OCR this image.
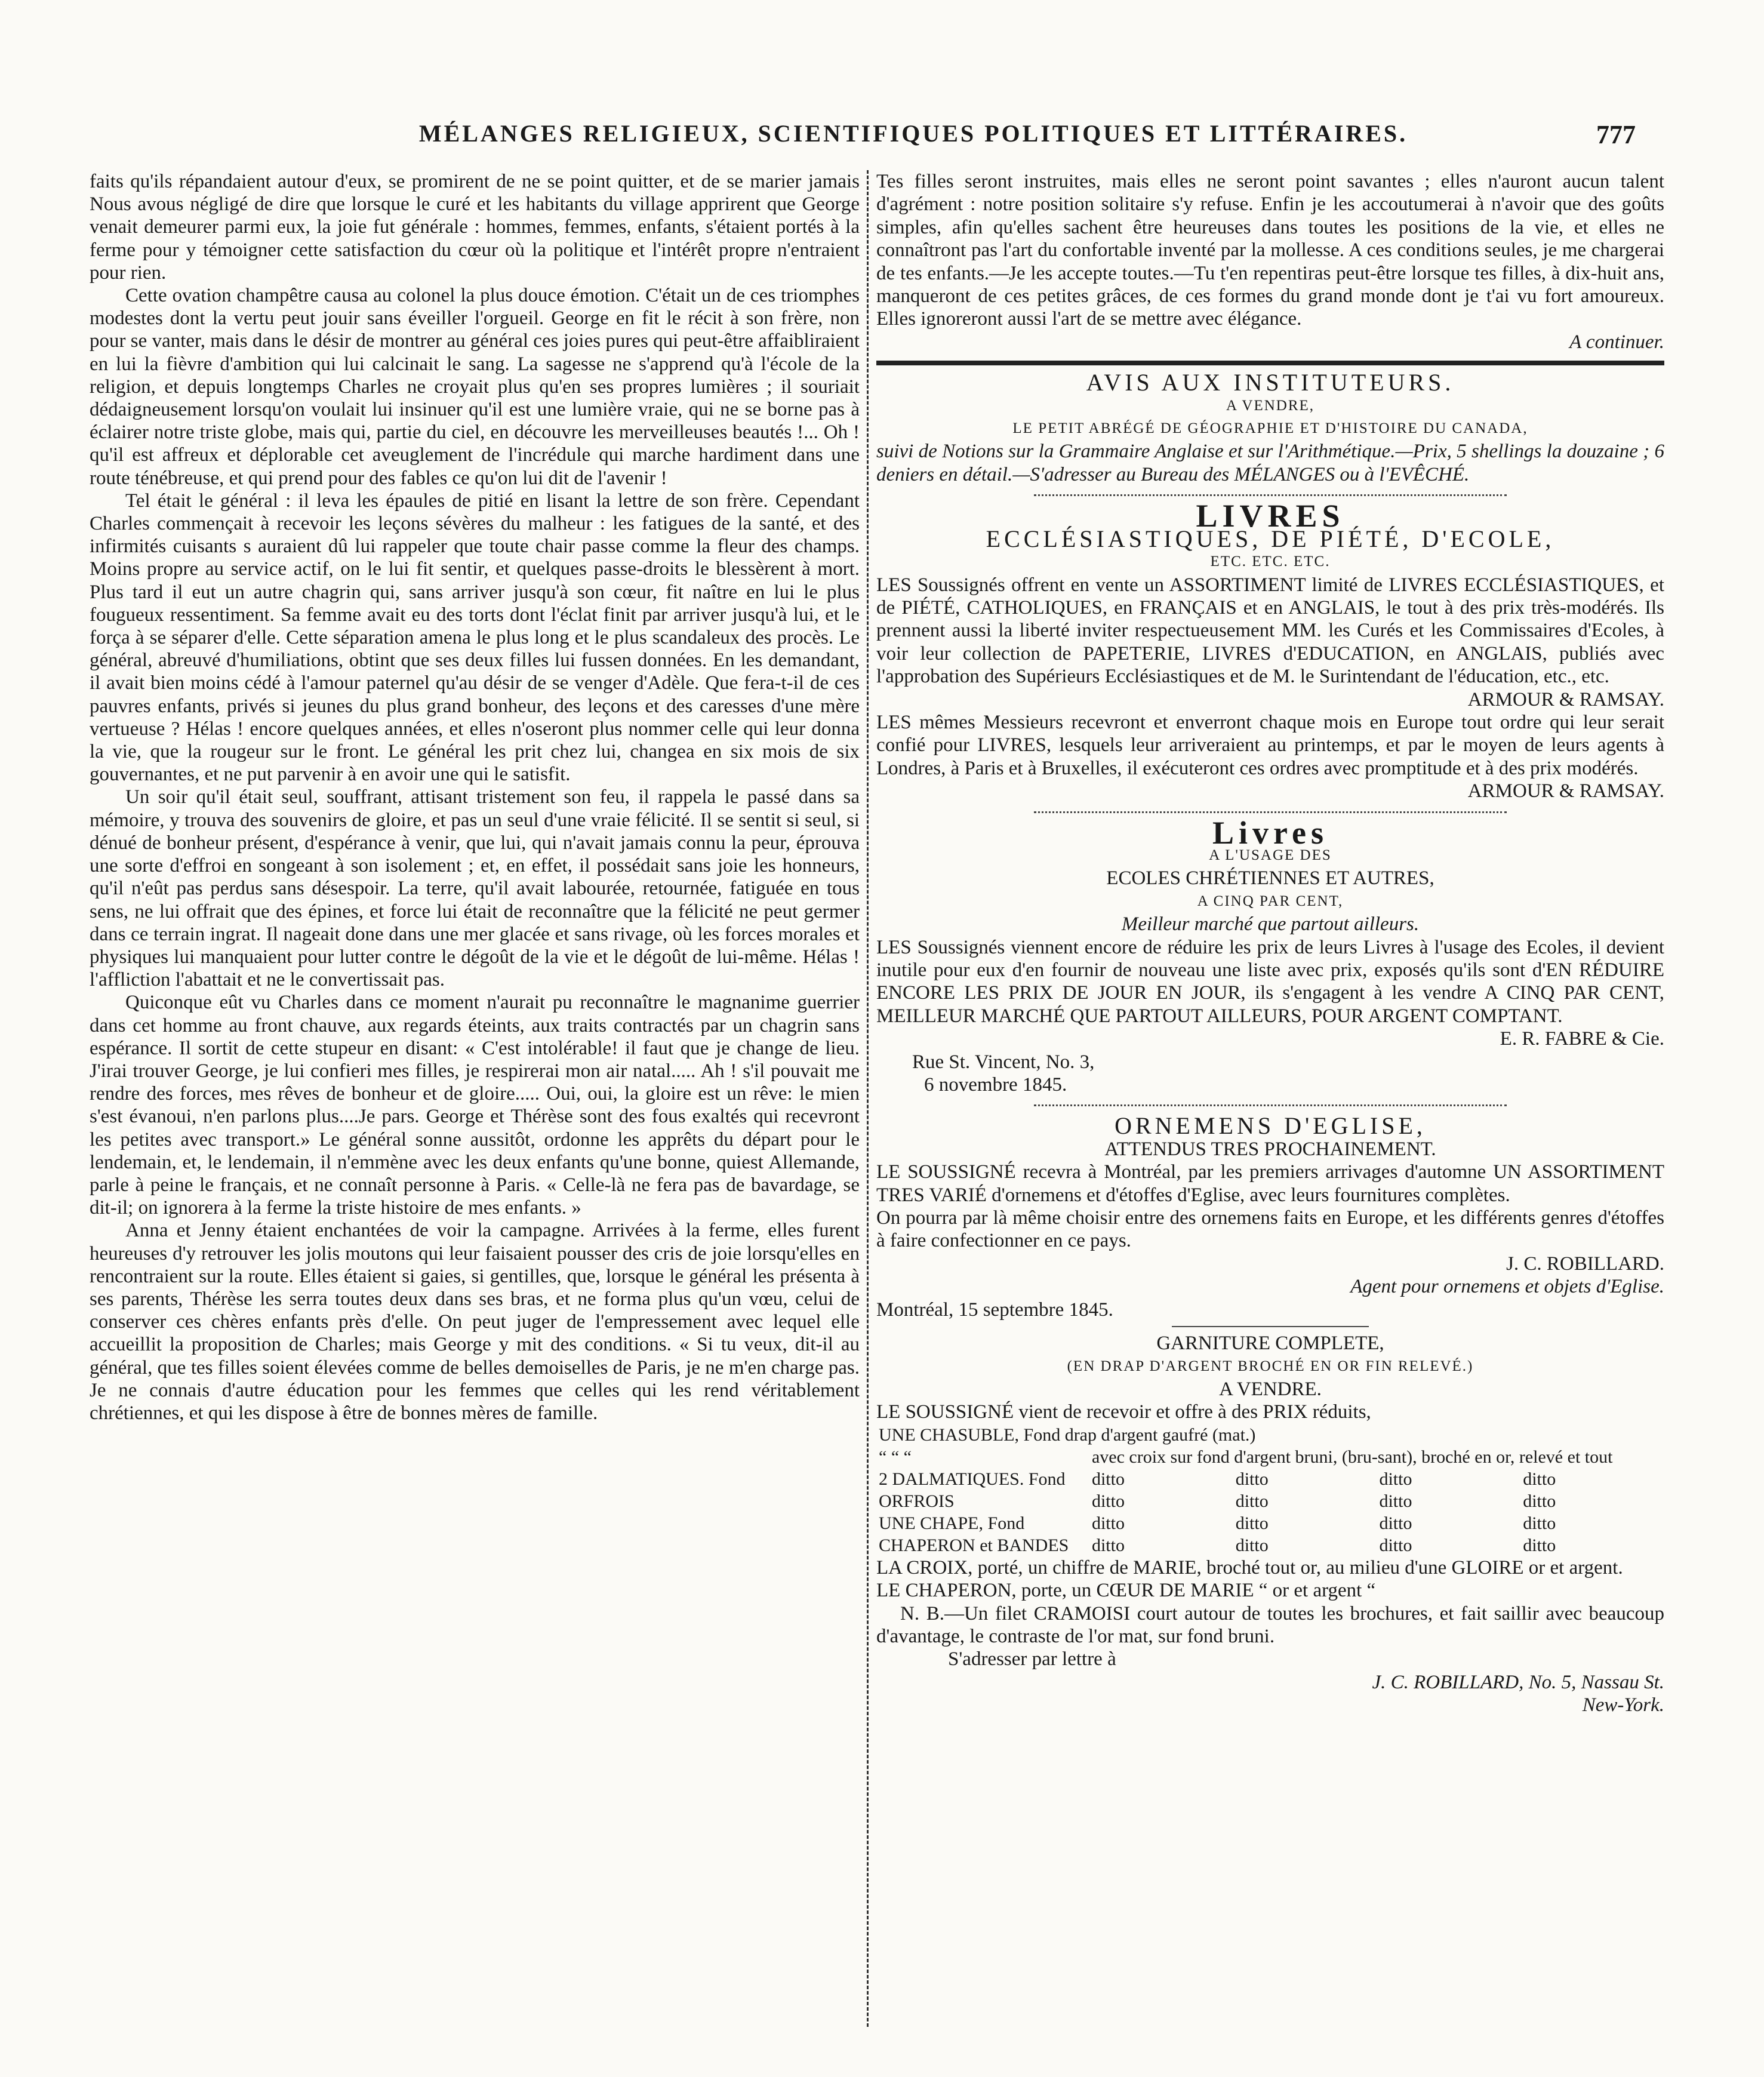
MÉLANGES RELIGIEUX, SCIENTIFIQUES POLITIQUES ET LITTÉRAIRES.	777

faits qu'ils répandaient autour d'eux, se promirent de ne se point quitter, et de se marier jamais Nous avous négligé de dire que lorsque le curé et les habitants du village apprirent que George venait demeurer parmi eux, la joie fut générale : hommes, femmes, enfants, s'étaient portés à la ferme pour y témoigner cette satisfaction du cœur où la politique et l'intérêt propre n'entraient pour rien.

Cette ovation champêtre causa au colonel la plus douce émotion. C'était un de ces triomphes modestes dont la vertu peut jouir sans éveiller l'orgueil. George en fit le récit à son frère, non pour se vanter, mais dans le désir de montrer au général ces joies pures qui peut-être affaibliraient en lui la fièvre d'ambition qui lui calcinait le sang. La sagesse ne s'apprend qu'à l'école de la religion, et depuis longtemps Charles ne croyait plus qu'en ses propres lumières ; il souriait dédaigneusement lorsqu'on voulait lui insinuer qu'il est une lumière vraie, qui ne se borne pas à éclairer notre triste globe, mais qui, partie du ciel, en découvre les merveilleuses beautés !... Oh ! qu'il est affreux et déplorable cet aveuglement de l'incrédule qui marche hardiment dans une route ténébreuse, et qui prend pour des fables ce qu'on lui dit de l'avenir !

Tel était le général : il leva les épaules de pitié en lisant la lettre de son frère. Cependant Charles commençait à recevoir les leçons sévères du malheur : les fatigues de la santé, et des infirmités cuisants s auraient dû lui rappeler que toute chair passe comme la fleur des champs. Moins propre au service actif, on le lui fit sentir, et quelques passe-droits le blessèrent à mort. Plus tard il eut un autre chagrin qui, sans arriver jusqu'à son cœur, fit naître en lui le plus fougueux ressentiment. Sa femme avait eu des torts dont l'éclat finit par arriver jusqu'à lui, et le força à se séparer d'elle. Cette séparation amena le plus long et le plus scandaleux des procès. Le général, abreuvé d'humiliations, obtint que ses deux filles lui fussen données. En les demandant, il avait bien moins cédé à l'amour paternel qu'au désir de se venger d'Adèle. Que fera-t-il de ces pauvres enfants, privés si jeunes du plus grand bonheur, des leçons et des caresses d'une mère vertueuse ? Hélas ! encore quelques années, et elles n'oseront plus nommer celle qui leur donna la vie, que la rougeur sur le front. Le général les prit chez lui, changea en six mois de six gouvernantes, et ne put parvenir à en avoir une qui le satisfit.

Un soir qu'il était seul, souffrant, attisant tristement son feu, il rappela le passé dans sa mémoire, y trouva des souvenirs de gloire, et pas un seul d'une vraie félicité. Il se sentit si seul, si dénué de bonheur présent, d'espérance à venir, que lui, qui n'avait jamais connu la peur, éprouva une sorte d'effroi en songeant à son isolement ; et, en effet, il possédait sans joie les honneurs, qu'il n'eût pas perdus sans désespoir. La terre, qu'il avait labourée, retournée, fatiguée en tous sens, ne lui offrait que des épines, et force lui était de reconnaître que la félicité ne peut germer dans ce terrain ingrat. Il nageait done dans une mer glacée et sans rivage, où les forces morales et physiques lui manquaient pour lutter contre le dégoût de la vie et le dégoût de lui-même. Hélas ! l'affliction l'abattait et ne le convertissait pas.

Quiconque eût vu Charles dans ce moment n'aurait pu reconnaître le magnanime guerrier dans cet homme au front chauve, aux regards éteints, aux traits contractés par un chagrin sans espérance. Il sortit de cette stupeur en disant: « C'est intolérable! il faut que je change de lieu. J'irai trouver George, je lui confieri mes filles, je respirerai mon air natal..... Ah ! s'il pouvait me rendre des forces, mes rêves de bonheur et de gloire..... Oui, oui, la gloire est un rêve: le mien s'est évanoui, n'en parlons plus....Je pars. George et Thérèse sont des fous exaltés qui recevront les petites avec transport.» Le général sonne aussitôt, ordonne les apprêts du départ pour le lendemain, et, le lendemain, il n'emmène avec les deux enfants qu'une bonne, quiest Allemande, parle à peine le français, et ne connaît personne à Paris. « Celle-là ne fera pas de bavardage, se dit-il; on ignorera à la ferme la triste histoire de mes enfants. »

Anna et Jenny étaient enchantées de voir la campagne. Arrivées à la ferme, elles furent heureuses d'y retrouver les jolis moutons qui leur faisaient pousser des cris de joie lorsqu'elles en rencontraient sur la route. Elles étaient si gaies, si gentilles, que, lorsque le général les présenta à ses parents, Thérèse les serra toutes deux dans ses bras, et ne forma plus qu'un vœu, celui de conserver ces chères enfants près d'elle. On peut juger de l'empressement avec lequel elle accueillit la proposition de Charles; mais George y mit des conditions. « Si tu veux, dit-il au général, que tes filles soient élevées comme de belles demoiselles de Paris, je ne m'en charge pas. Je ne connais d'autre éducation pour les femmes que celles qui les rend véritablement chrétiennes, et qui les dispose à être de bonnes mères de famille.

Tes filles seront instruites, mais elles ne seront point savantes ; elles n'auront aucun talent d'agrément : notre position solitaire s'y refuse. Enfin je les accoutumerai à n'avoir que des goûts simples, afin qu'elles sachent être heureuses dans toutes les positions de la vie, et elles ne connaîtront pas l'art du confortable inventé par la mollesse. A ces conditions seules, je me chargerai de tes enfants.—Je les accepte toutes.—Tu t'en repentiras peut-être lorsque tes filles, à dix-huit ans, manqueront de ces petites grâces, de ces formes du grand monde dont je t'ai vu fort amoureux. Elles ignoreront aussi l'art de se mettre avec élégance.

A continuer.

AVIS AUX INSTITUTEURS.

A VENDRE,

LE PETIT ABRÉGÉ DE GÉOGRAPHIE ET D'HISTOIRE DU CANADA,

suivi de Notions sur la Grammaire Anglaise et sur l'Arithmétique.—Prix, 5 shellings la douzaine ; 6 deniers en détail.—S'adresser au Bureau des MÉLANGES ou à l'EVÊCHÉ.

LIVRES

ECCLÉSIASTIQUES, DE PIÉTÉ, D'ECOLE,

ETC. ETC. ETC.

LES Soussignés offrent en vente un ASSORTIMENT limité de LIVRES ECCLÉSIASTIQUES, et de PIÉTÉ, CATHOLIQUES, en FRANÇAIS et en ANGLAIS, le tout à des prix très-modérés. Ils prennent aussi la liberté inviter respectueusement MM. les Curés et les Commissaires d'Ecoles, à voir leur collection de PAPETERIE, LIVRES d'EDUCATION, en ANGLAIS, publiés avec l'approbation des Supérieurs Ecclésiastiques et de M. le Surintendant de l'éducation, etc., etc.

ARMOUR & RAMSAY.

LES mêmes Messieurs recevront et enverront chaque mois en Europe tout ordre qui leur serait confié pour LIVRES, lesquels leur arriveraient au printemps, et par le moyen de leurs agents à Londres, à Paris et à Bruxelles, il exécuteront ces ordres avec promptitude et à des prix modérés.

ARMOUR & RAMSAY.

Livres

A L'USAGE DES

ECOLES CHRÉTIENNES ET AUTRES,

A CINQ PAR CENT,

Meilleur marché que partout ailleurs.

LES Soussignés viennent encore de réduire les prix de leurs Livres à l'usage des Ecoles, il devient inutile pour eux d'en fournir de nouveau une liste avec prix, exposés qu'ils sont d'EN RÉDUIRE ENCORE LES PRIX DE JOUR EN JOUR, ils s'engagent à les vendre A CINQ PAR CENT, MEILLEUR MARCHÉ QUE PARTOUT AILLEURS, POUR ARGENT COMPTANT.

E. R. FABRE & Cie.

Rue St. Vincent, No. 3,

6 novembre 1845.

ORNEMENS D'EGLISE,

ATTENDUS TRES PROCHAINEMENT.

LE SOUSSIGNÉ recevra à Montréal, par les premiers arrivages d'automne UN ASSORTIMENT TRES VARIÉ d'ornemens et d'étoffes d'Eglise, avec leurs fournitures complètes.

On pourra par là même choisir entre des ornemens faits en Europe, et les différents genres d'étoffes à faire confectionner en ce pays.

J. C. ROBILLARD.

Agent pour ornemens et objets d'Eglise.

Montréal, 15 septembre 1845.

GARNITURE COMPLETE,

(EN DRAP D'ARGENT BROCHÉ EN OR FIN RELEVÉ.)

A VENDRE.

LE SOUSSIGNÉ vient de recevoir et offre à des PRIX réduits,

UNE CHASUBLE, Fond drap d'argent gaufré (mat.)				
“ “ “	avec croix sur fond d'argent bruni, (bru-sant), broché en or, relevé et tout			
2 DALMATIQUES. Fond	ditto	ditto	ditto	ditto
ORFROIS	ditto	ditto	ditto	ditto
UNE CHAPE, Fond	ditto	ditto	ditto	ditto
CHAPERON et BANDES	ditto	ditto	ditto	ditto

LA CROIX, porté, un chiffre de MARIE, broché tout or, au milieu d'une GLOIRE or et argent.

LE CHAPERON, porte, un CŒUR DE MARIE “ or et argent “

N. B.—Un filet CRAMOISI court autour de toutes les brochures, et fait saillir avec beaucoup d'avantage, le contraste de l'or mat, sur fond bruni.

S'adresser par lettre à

J. C. ROBILLARD, No. 5, Nassau St.

New-York.
